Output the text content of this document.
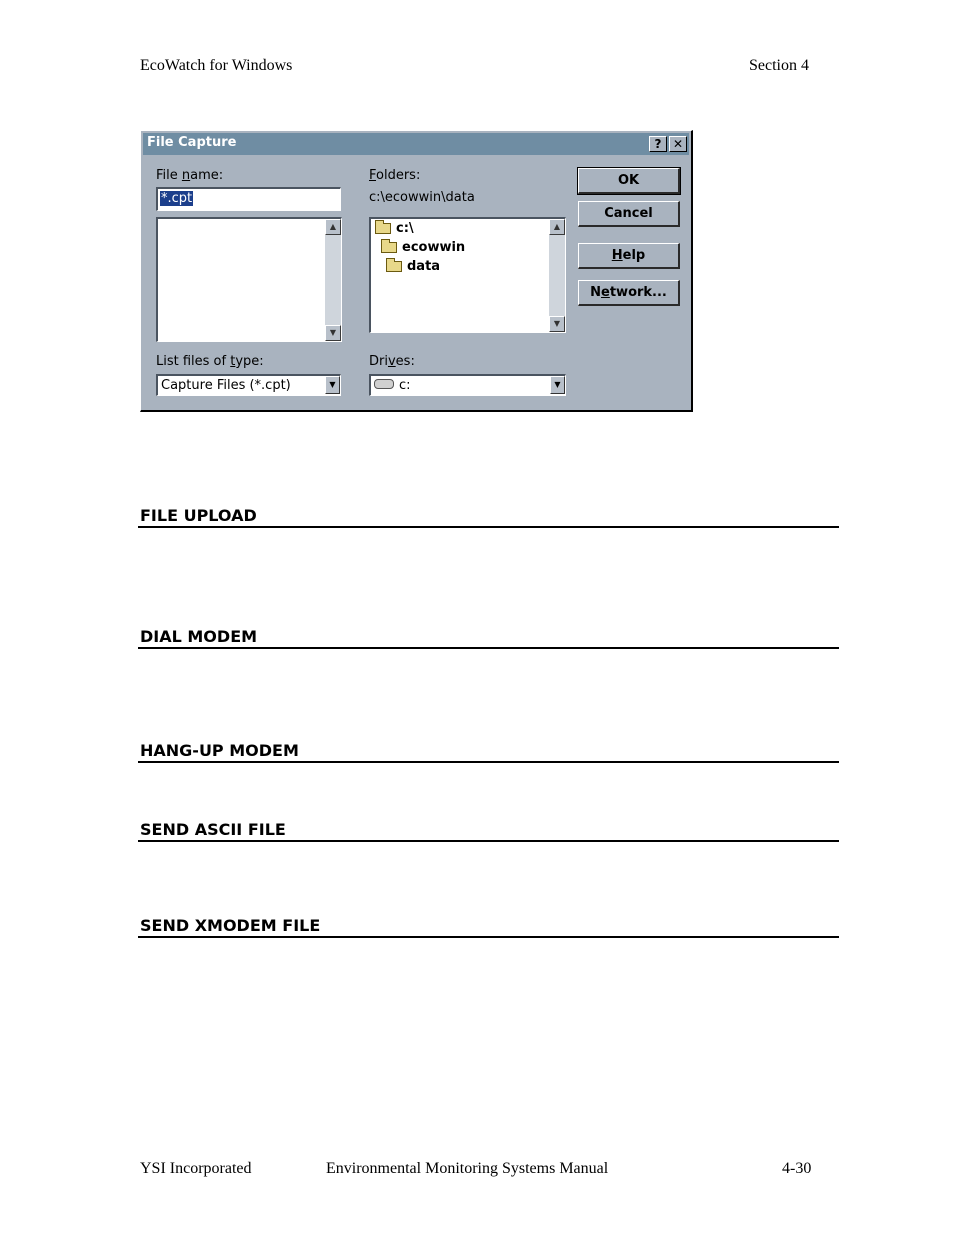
EcoWatch for Windows	Section 4
File Capture	? ✕
File name:
*.cpt
▲
▼
Folders:
c:\ecowwin\data
c:\
ecowwin
data
▲
▼
OK
Cancel
Help
Network...
List files of type:
Capture Files (*.cpt)	▼
Drives:
c:	▼
FILE UPLOAD
DIAL MODEM
HANG-UP MODEM
SEND ASCII FILE
SEND XMODEM FILE
YSI Incorporated	Environmental Monitoring Systems Manual	4-30
